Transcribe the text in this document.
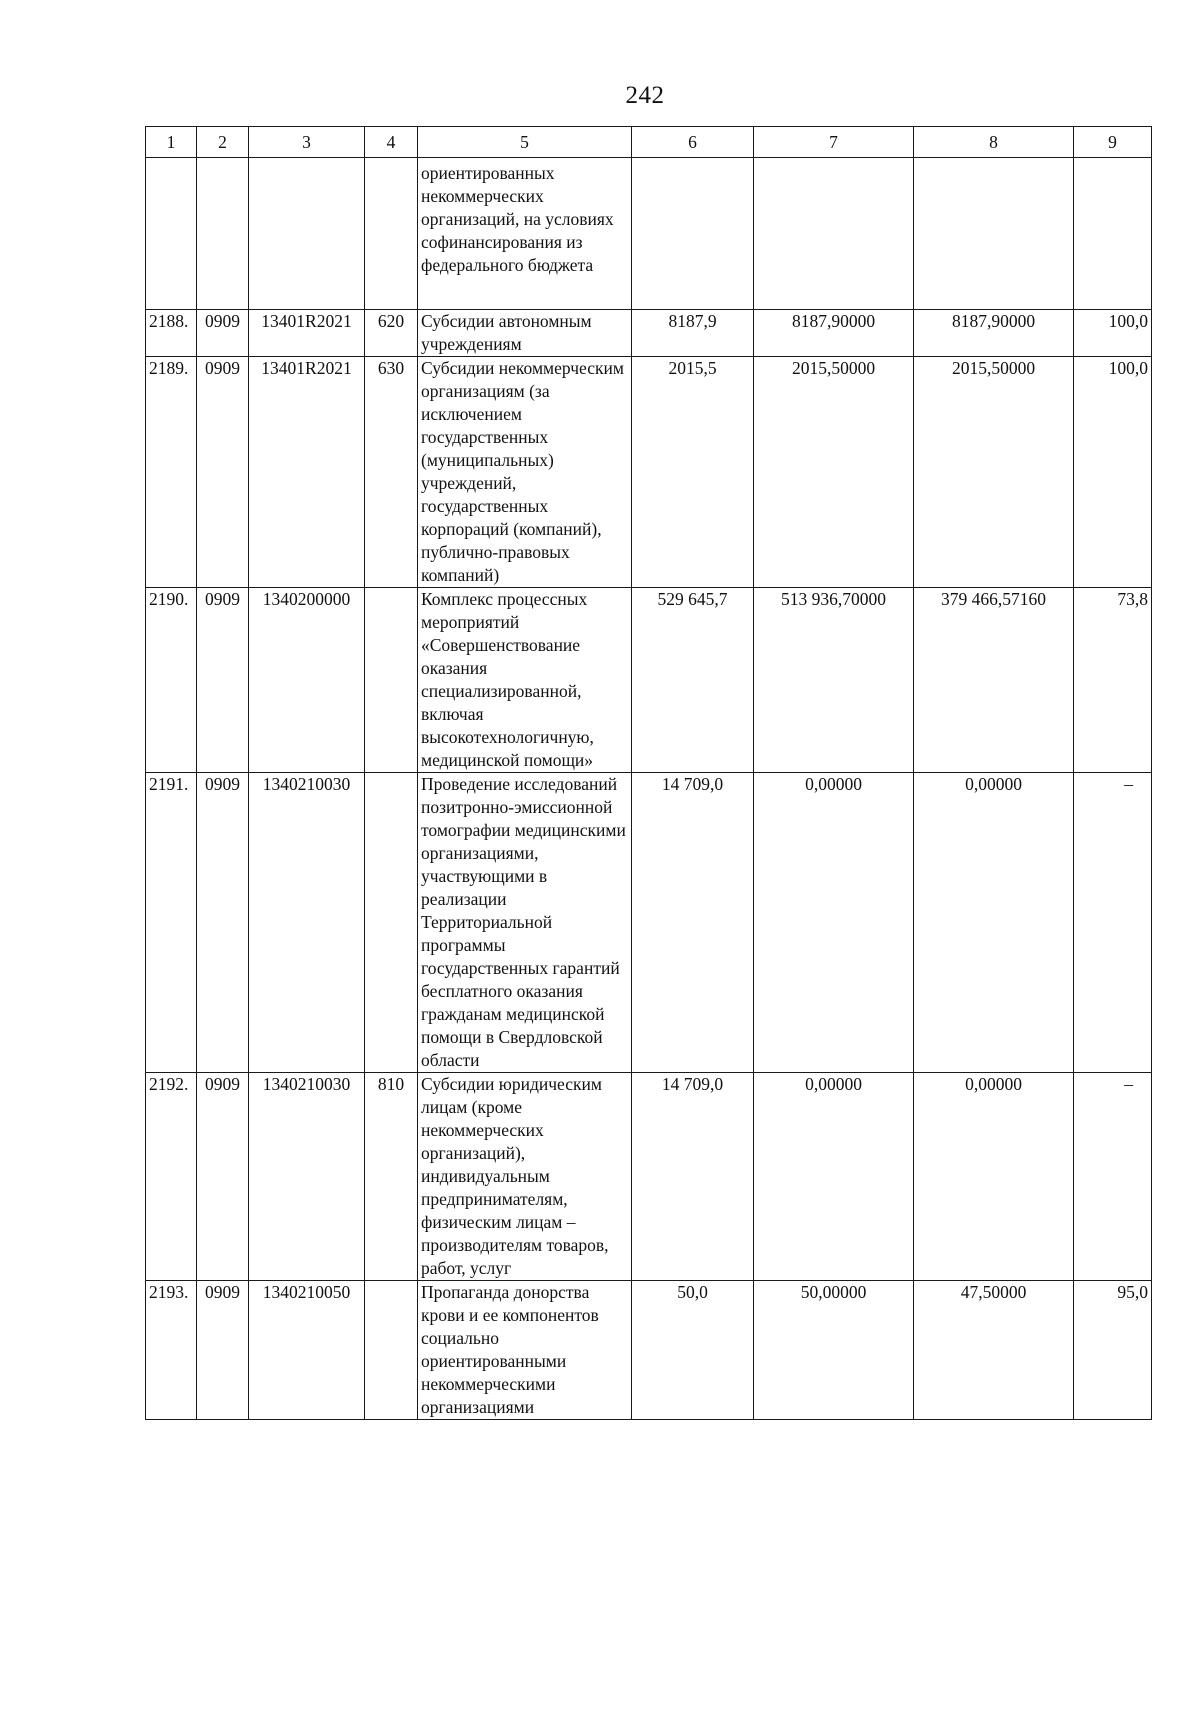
242
1	2	3	4	5	6	7	8	9
				ориентированных некоммерческих организаций, на условиях софинансирования из федерального бюджета				
2188.	0909	13401R2021	620	Субсидии автономным учреждениям	8187,9	8187,90000	8187,90000	100,0
2189.	0909	13401R2021	630	Субсидии некоммерческим организациям (за исключением государственных (муниципальных) учреждений, государственных корпораций (компаний), публично-правовых компаний)	2015,5	2015,50000	2015,50000	100,0
2190.	0909	1340200000		Комплекс процессных мероприятий «Совершенствование оказания специализированной, включая высокотехнологичную, медицинской помощи»	529 645,7	513 936,70000	379 466,57160	73,8
2191.	0909	1340210030		Проведение исследований позитронно-эмиссионной томографии медицинскими организациями, участвующими в реализации Территориальной программы государственных гарантий бесплатного оказания гражданам медицинской помощи в Свердловской области	14 709,0	0,00000	0,00000	–
2192.	0909	1340210030	810	Субсидии юридическим лицам (кроме некоммерческих организаций), индивидуальным предпринимателям, физическим лицам – производителям товаров, работ, услуг	14 709,0	0,00000	0,00000	–
2193.	0909	1340210050		Пропаганда донорства крови и ее компонентов социально ориентированными некоммерческими организациями	50,0	50,00000	47,50000	95,0
